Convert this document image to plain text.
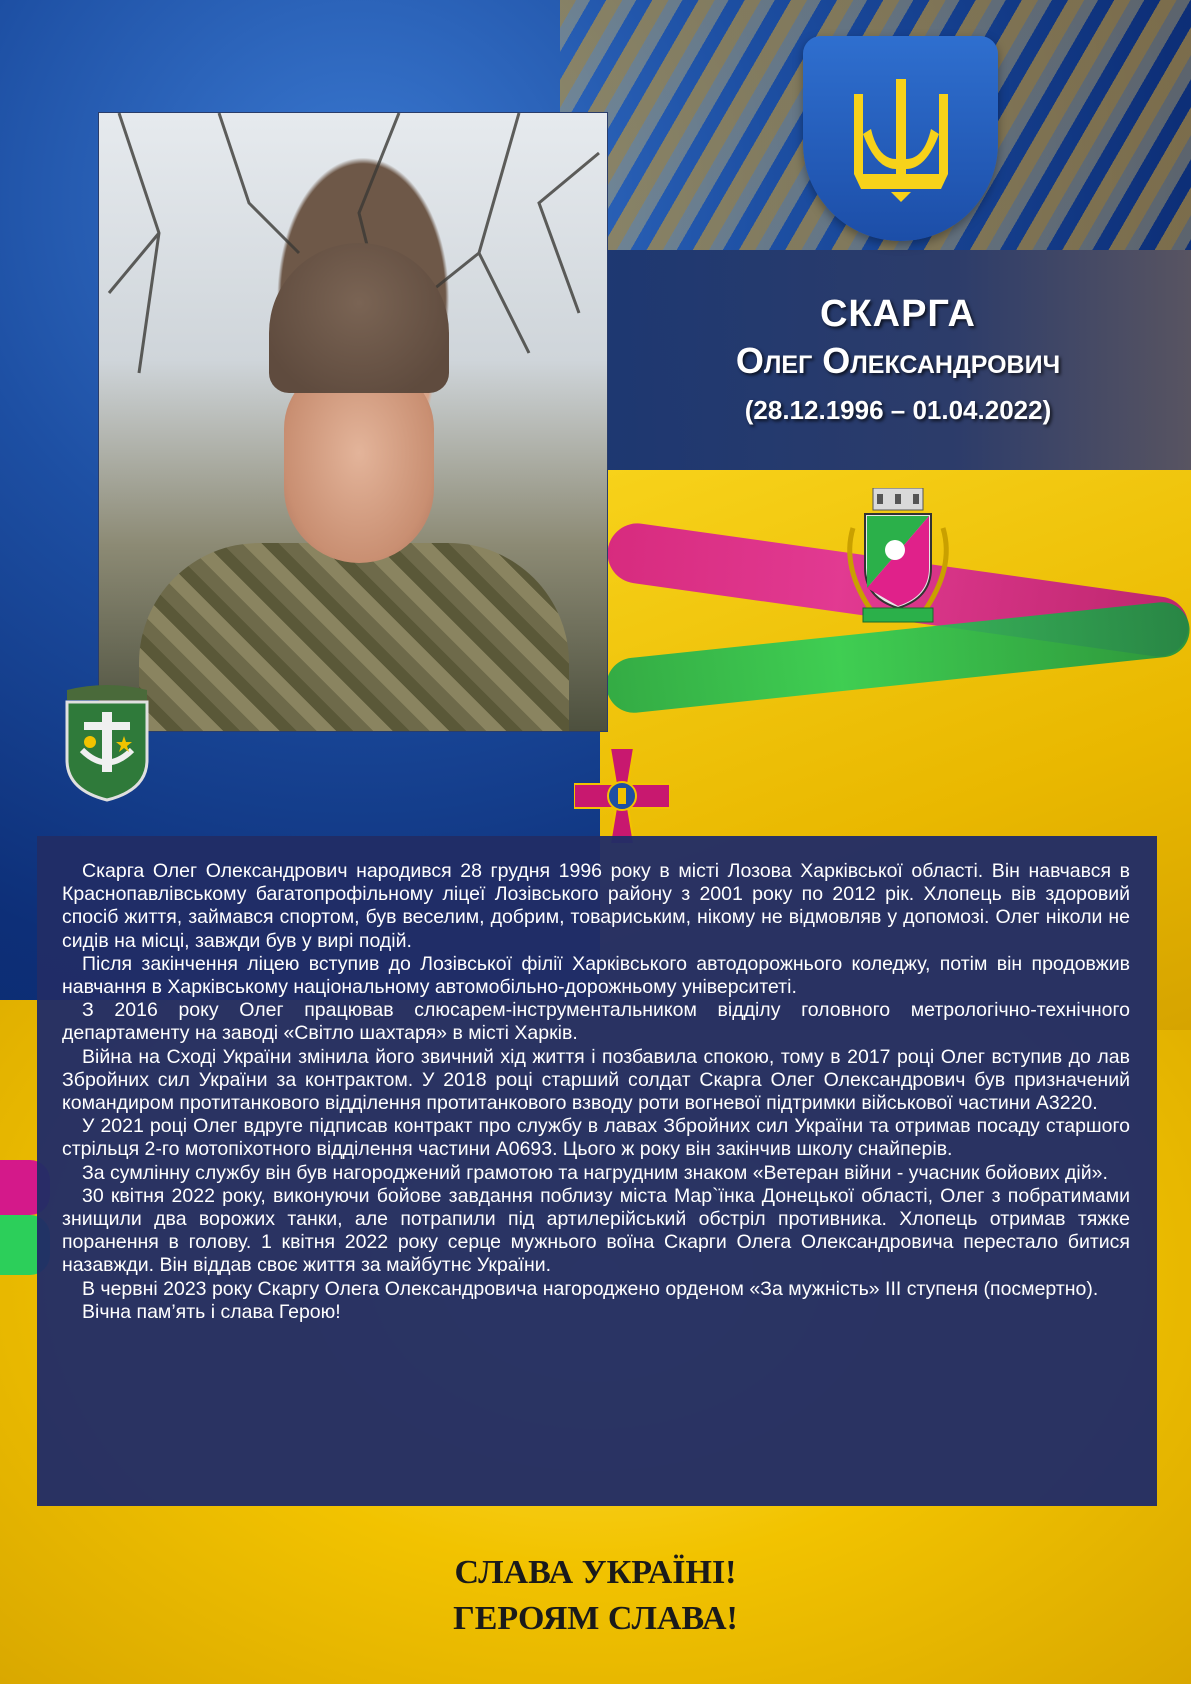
СКАРГА
Олег Олександрович
(28.12.1996 – 01.04.2022)

Скарга Олег Олександрович народився 28 грудня 1996 року в місті Лозова Харківської області. Він навчався в Краснопавлівському багатопрофільному ліцеї Лозівського району з 2001 року по 2012 рік. Хлопець вів здоровий спосіб життя, займався спортом, був веселим, добрим, товариським, нікому не відмовляв у допомозі. Олег ніколи не сидів на місці, завжди був у вирі подій.

Після закінчення ліцею вступив до Лозівської філії Харківського автодорожнього коледжу, потім він продовжив навчання в Харківському національному автомобільно-дорожньому університеті.

З 2016 року Олег працював слюсарем-інструментальником відділу головного метрологічно-технічного департаменту на заводі «Світло шахтаря» в місті Харків.

Війна на Сході України змінила його звичний хід життя і позбавила спокою, тому в 2017 році Олег вступив до лав Збройних сил України за контрактом. У 2018 році старший солдат Скарга Олег Олександрович був призначений командиром протитанкового відділення протитанкового взводу роти вогневої підтримки військової частини А3220.

У 2021 році Олег вдруге підписав контракт про службу в лавах Збройних сил України та отримав посаду старшого стрільця 2-го мотопіхотного відділення частини А0693. Цього ж року він закінчив школу снайперів.

За сумлінну службу він був нагороджений грамотою та нагрудним знаком «Ветеран війни - учасник бойових дій».

30 квітня 2022 року, виконуючи бойове завдання поблизу міста Мар`їнка Донецької області, Олег з побратимами знищили два ворожих танки, але потрапили під артилерійський обстріл противника. Хлопець отримав тяжке поранення в голову. 1 квітня 2022 року серце мужнього воїна Скарги Олега Олександровича перестало битися назавжди. Він віддав своє життя за майбутнє України.

В червні 2023 року Скаргу Олега Олександровича нагороджено орденом «За мужність» ІІІ ступеня (посмертно).

Вічна пам’ять і слава Герою!

СЛАВА УКРАЇНІ!
ГЕРОЯМ СЛАВА!
